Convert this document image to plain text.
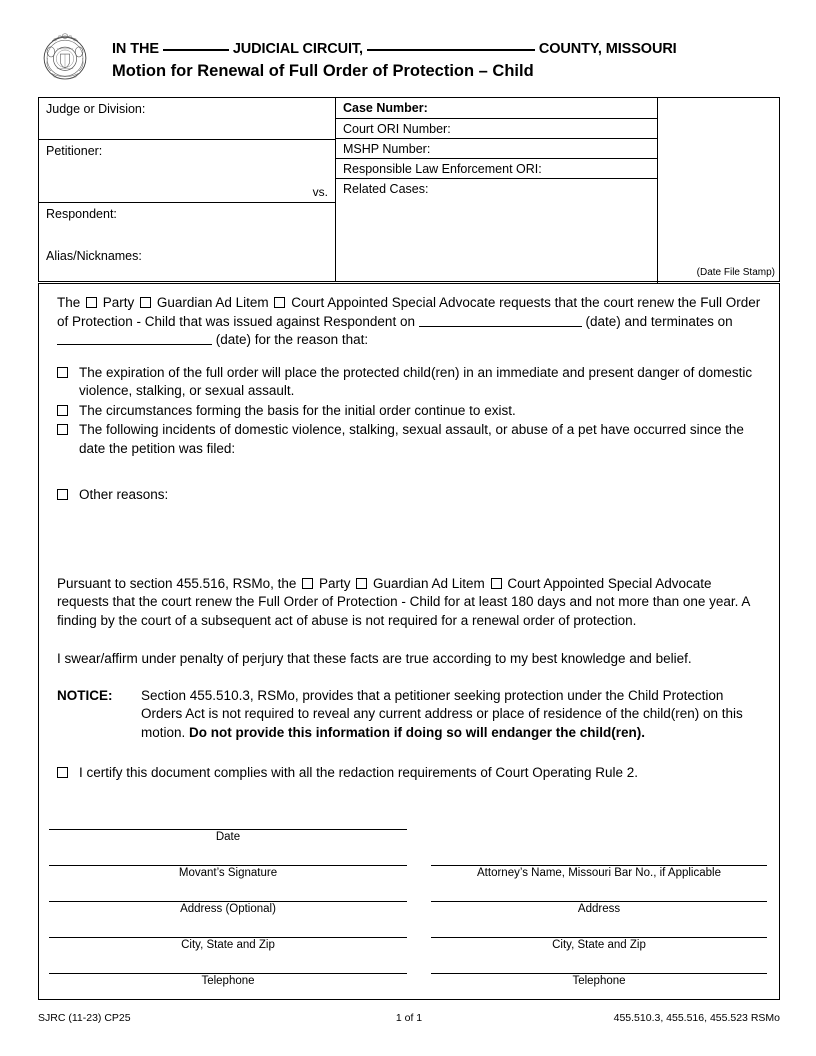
IN THE	JUDICIAL CIRCUIT,	COUNTY, MISSOURI
Motion for Renewal of Full Order of Protection – Child
Judge or Division:
Petitioner:
vs.
Respondent:
Alias/Nicknames:
Case Number:
Court ORI Number:
MSHP Number:
Responsible Law Enforcement ORI:
Related Cases:
(Date File Stamp)
The Party Guardian Ad Litem Court Appointed Special Advocate requests that the court renew the Full Order of Protection - Child that was issued against Respondent on	(date) and terminates on  (date) for the reason that:
The expiration of the full order will place the protected child(ren) in an immediate and present danger of domestic violence, stalking, or sexual assault.
The circumstances forming the basis for the initial order continue to exist.
The following incidents of domestic violence, stalking, sexual assault, or abuse of a pet have occurred since the date the petition was filed:
Other reasons:
Pursuant to section 455.516, RSMo, the Party Guardian Ad Litem Court Appointed Special Advocate requests that the court renew the Full Order of Protection - Child for at least 180 days and not more than one year. A finding by the court of a subsequent act of abuse is not required for a renewal order of protection.
I swear/affirm under penalty of perjury that these facts are true according to my best knowledge and belief.
NOTICE:	Section 455.510.3, RSMo, provides that a petitioner seeking protection under the Child Protection Orders Act is not required to reveal any current address or place of residence of the child(ren) on this motion. Do not provide this information if doing so will endanger the child(ren).
I certify this document complies with all the redaction requirements of Court Operating Rule 2.
Date
Movant’s Signature	Attorney’s Name, Missouri Bar No., if Applicable
Address (Optional)	Address
City, State and Zip	City, State and Zip
Telephone	Telephone
SJRC (11-23) CP25	1 of 1	455.510.3, 455.516, 455.523 RSMo
